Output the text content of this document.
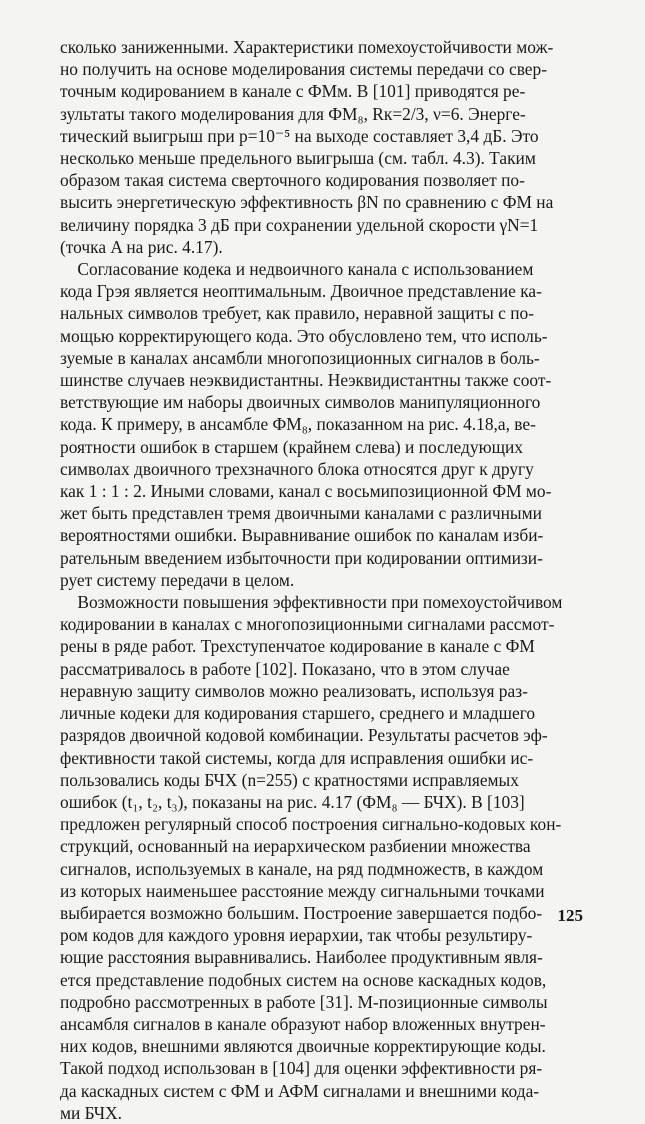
сколько заниженными. Характеристики помехоустойчивости мож-
но получить на основе моделирования системы передачи со свер-
точным кодированием в канале с ФМм. В [101] приводятся ре-
зультаты такого моделирования для ФМ₈, Rк=2/3, ν=6. Энерге-
тический выигрыш при p=10⁻⁵ на выходе составляет 3,4 дБ. Это
несколько меньше предельного выигрыша (см. табл. 4.3). Таким
образом такая система сверточного кодирования позволяет по-
высить энергетическую эффективность βN по сравнению с ФМ на
величину порядка 3 дБ при сохранении удельной скорости γN=1
(точка A на рис. 4.17).
Согласование кодека и недвоичного канала с использованием
кода Грэя является неоптимальным. Двоичное представление ка-
нальных символов требует, как правило, неравной защиты с по-
мощью корректирующего кода. Это обусловлено тем, что исполь-
зуемые в каналах ансамбли многопозиционных сигналов в боль-
шинстве случаев неэквидистантны. Неэквидистантны также соот-
ветствующие им наборы двоичных символов манипуляционного
кода. К примеру, в ансамбле ФМ₈, показанном на рис. 4.18,а, ве-
роятности ошибок в старшем (крайнем слева) и последующих
символах двоичного трехзначного блока относятся друг к другу
как 1 : 1 : 2. Иными словами, канал с восьмипозиционной ФМ мо-
жет быть представлен тремя двоичными каналами с различными
вероятностями ошибки. Выравнивание ошибок по каналам изби-
рательным введением избыточности при кодировании оптимизи-
рует систему передачи в целом.
Возможности повышения эффективности при помехоустойчивом
кодировании в каналах с многопозиционными сигналами рассмот-
рены в ряде работ. Трехступенчатое кодирование в канале с ФМ
рассматривалось в работе [102]. Показано, что в этом случае
неравную защиту символов можно реализовать, используя раз-
личные кодеки для кодирования старшего, среднего и младшего
разрядов двоичной кодовой комбинации. Результаты расчетов эф-
фективности такой системы, когда для исправления ошибки ис-
пользовались коды БЧХ (n=255) с кратностями исправляемых
ошибок (t₁, t₂, t₃), показаны на рис. 4.17 (ФМ₈ — БЧХ). В [103]
предложен регулярный способ построения сигнально-кодовых кон-
струкций, основанный на иерархическом разбиении множества
сигналов, используемых в канале, на ряд подмножеств, в каждом
из которых наименьшее расстояние между сигнальными точками
выбирается возможно большим. Построение завершается подбо-
ром кодов для каждого уровня иерархии, так чтобы результиру-
ющие расстояния выравнивались. Наиболее продуктивным явля-
ется представление подобных систем на основе каскадных кодов,
подробно рассмотренных в работе [31]. М-позиционные символы
ансамбля сигналов в канале образуют набор вложенных внутрен-
них кодов, внешними являются двоичные корректирующие коды.
Такой подход использован в [104] для оценки эффективности ря-
да каскадных систем с ФМ и АФМ сигналами и внешними кода-
ми БЧХ.
125
